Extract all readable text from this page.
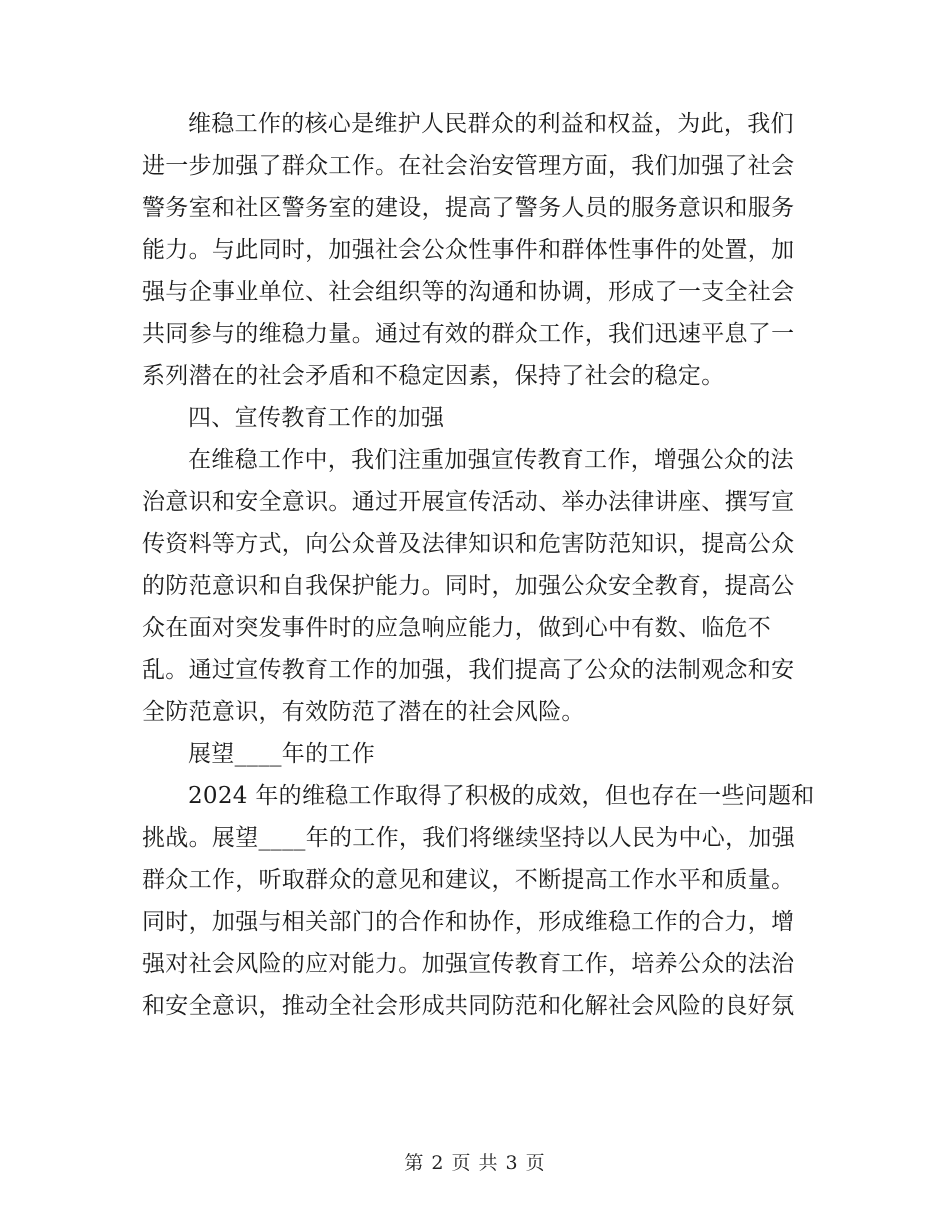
维稳工作的核心是维护人民群众的利益和权益，为此，我们
进一步加强了群众工作。在社会治安管理方面，我们加强了社会
警务室和社区警务室的建设，提高了警务人员的服务意识和服务
能力。与此同时，加强社会公众性事件和群体性事件的处置，加
强与企事业单位、社会组织等的沟通和协调，形成了一支全社会
共同参与的维稳力量。通过有效的群众工作，我们迅速平息了一
系列潜在的社会矛盾和不稳定因素，保持了社会的稳定。

四、宣传教育工作的加强

在维稳工作中，我们注重加强宣传教育工作，增强公众的法
治意识和安全意识。通过开展宣传活动、举办法律讲座、撰写宣
传资料等方式，向公众普及法律知识和危害防范知识，提高公众
的防范意识和自我保护能力。同时，加强公众安全教育，提高公
众在面对突发事件时的应急响应能力，做到心中有数、临危不
乱。通过宣传教育工作的加强，我们提高了公众的法制观念和安
全防范意识，有效防范了潜在的社会风险。

展望____年的工作

2024 年的维稳工作取得了积极的成效，但也存在一些问题和
挑战。展望____年的工作，我们将继续坚持以人民为中心，加强
群众工作，听取群众的意见和建议，不断提高工作水平和质量。
同时，加强与相关部门的合作和协作，形成维稳工作的合力，增
强对社会风险的应对能力。加强宣传教育工作，培养公众的法治
和安全意识，推动全社会形成共同防范和化解社会风险的良好氛

第 2 页 共 3 页
